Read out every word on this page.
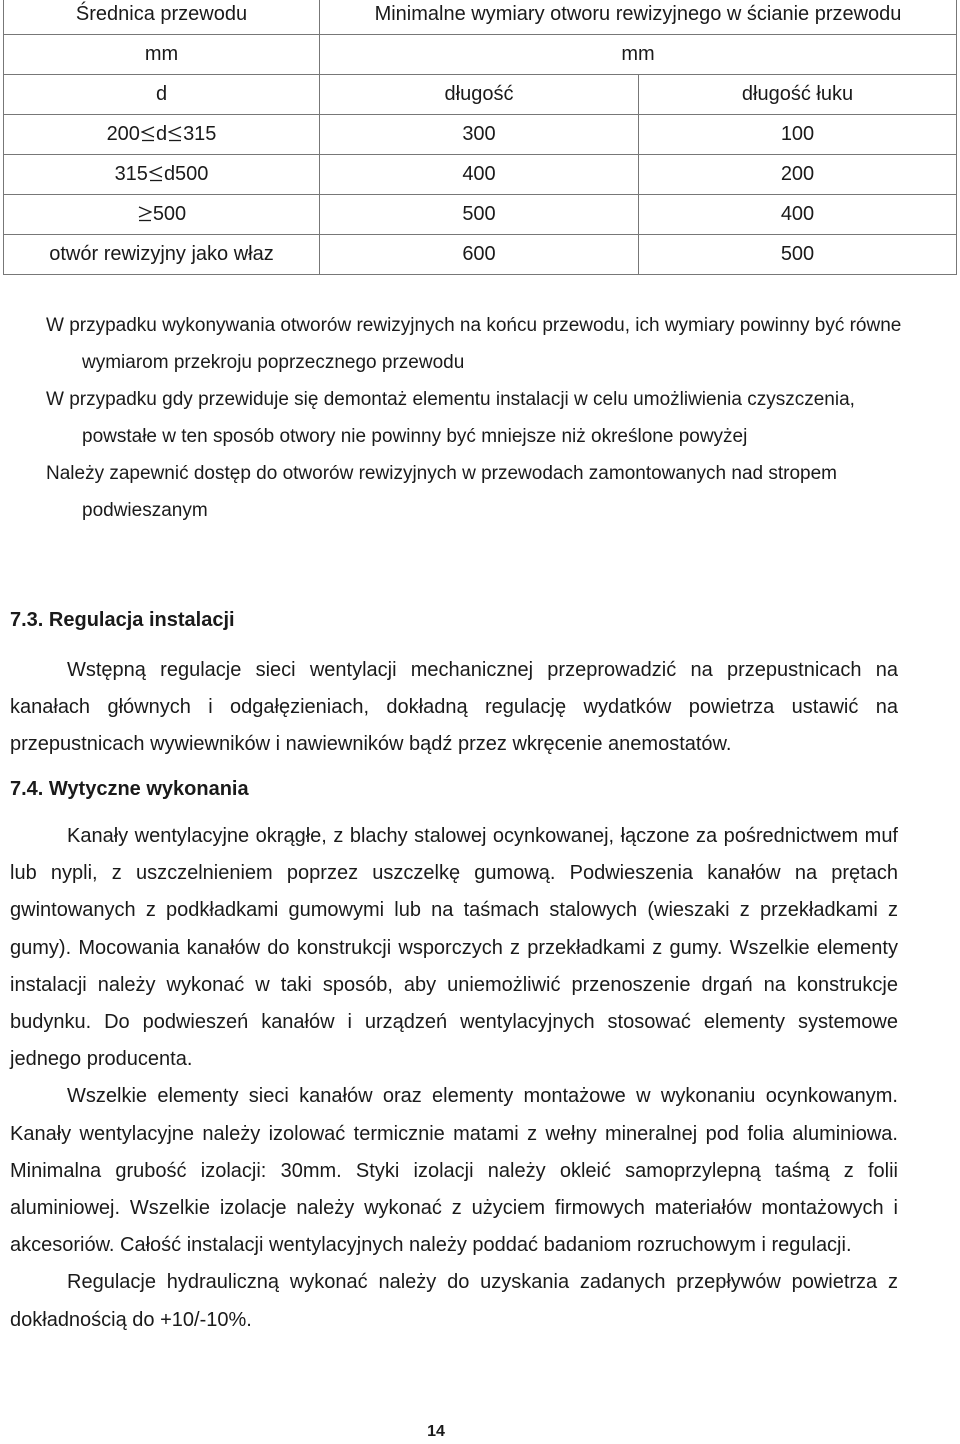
Średnica przewodu	Minimalne wymiary otworu rewizyjnego w ścianie przewodu	
mm	mm	
d	długość	długość łuku
200 d 315	300	100
315 d500	400	200

500	500	400
otwór rewizyjny jako właz	600	500

W przypadku wykonywania otworów rewizyjnych na końcu przewodu, ich wymiary powinny być równe wymiarom przekroju poprzecznego przewodu

W przypadku gdy przewiduje się demontaż elementu instalacji w celu umożliwienia czyszczenia, powstałe w ten sposób otwory nie powinny być mniejsze niż określone powyżej

Należy zapewnić dostęp do otworów rewizyjnych w przewodach zamontowanych nad stropem podwieszanym

7.3. Regulacja instalacji

Wstępną regulacje sieci wentylacji mechanicznej przeprowadzić na przepustnicach na kanałach głównych i odgałęzieniach, dokładną regulację wydatków powietrza ustawić na przepustnicach wywiewników i nawiewników bądź przez wkręcenie anemostatów.

7.4. Wytyczne wykonania

Kanały wentylacyjne okrągłe, z blachy stalowej ocynkowanej, łączone za pośrednictwem muf lub nypli, z uszczelnieniem poprzez uszczelkę gumową. Podwieszenia kanałów na prętach gwintowanych z podkładkami gumowymi lub na taśmach stalowych (wieszaki z przekładkami z gumy). Mocowania kanałów do konstrukcji wsporczych z przekładkami z gumy. Wszelkie elementy instalacji należy wykonać w taki sposób, aby uniemożliwić przenoszenie drgań na konstrukcje budynku. Do podwieszeń kanałów i urządzeń wentylacyjnych stosować elementy systemowe jednego producenta.

Wszelkie elementy sieci kanałów oraz elementy montażowe w wykonaniu ocynkowanym. Kanały wentylacyjne należy izolować termicznie matami z wełny mineralnej pod folia aluminiowa. Minimalna grubość izolacji: 30mm. Styki izolacji należy okleić samoprzylepną taśmą z folii aluminiowej. Wszelkie izolacje należy wykonać z użyciem firmowych materiałów montażowych i akcesoriów. Całość instalacji wentylacyjnych należy poddać badaniom rozruchowym i regulacji.

Regulacje hydrauliczną wykonać należy do uzyskania zadanych przepływów powietrza z dokładnością do +10/-10%.

14
